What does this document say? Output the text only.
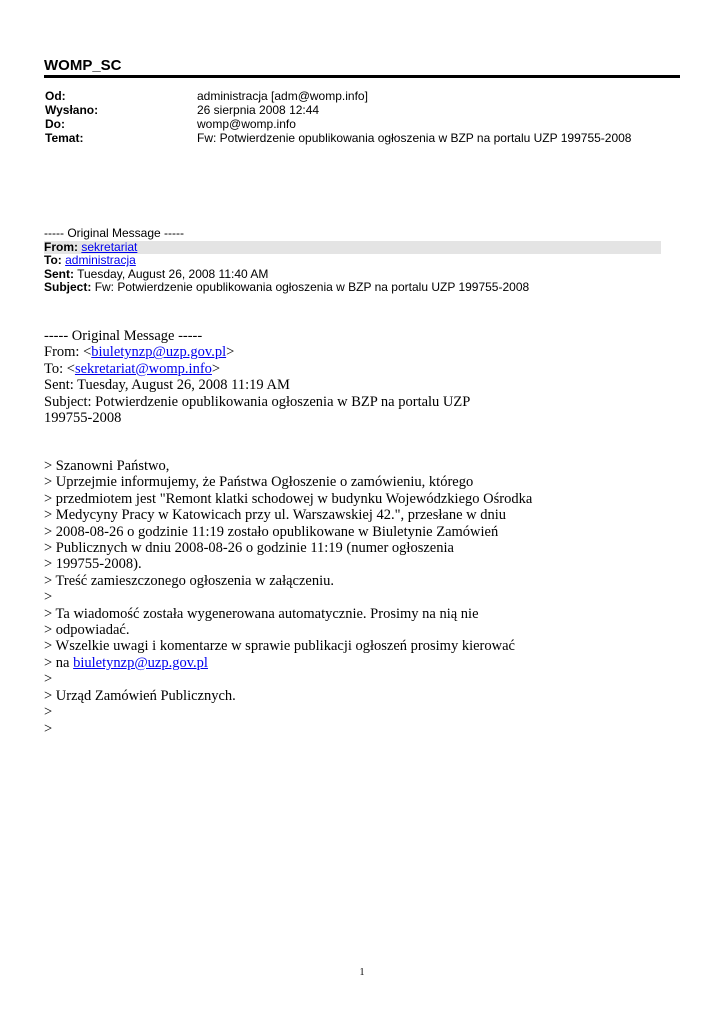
WOMP_SC
Od:	administracja [adm@womp.info]
Wysłano:	26 sierpnia 2008 12:44
Do:	womp@womp.info
Temat:	Fw: Potwierdzenie opublikowania ogłoszenia w BZP na portalu UZP 199755-2008
----- Original Message -----
From: sekretariat
To: administracja
Sent: Tuesday, August 26, 2008 11:40 AM
Subject: Fw: Potwierdzenie opublikowania ogłoszenia w BZP na portalu UZP 199755-2008
----- Original Message -----
From: <biuletynzp@uzp.gov.pl>
To: <sekretariat@womp.info>
Sent: Tuesday, August 26, 2008 11:19 AM
Subject: Potwierdzenie opublikowania ogłoszenia w BZP na portalu UZP
199755-2008
> Szanowni Państwo,
> Uprzejmie informujemy, że Państwa Ogłoszenie o zamówieniu, którego
> przedmiotem jest "Remont klatki schodowej w budynku Wojewódzkiego Ośrodka
> Medycyny Pracy w Katowicach przy ul. Warszawskiej 42.", przesłane w dniu
> 2008-08-26 o godzinie 11:19 zostało opublikowane w Biuletynie Zamówień
> Publicznych w dniu 2008-08-26 o godzinie 11:19 (numer ogłoszenia
> 199755-2008).
> Treść zamieszczonego ogłoszenia w załączeniu.
>
> Ta wiadomość została wygenerowana automatycznie. Prosimy na nią nie
> odpowiadać.
> Wszelkie uwagi i komentarze w sprawie publikacji ogłoszeń prosimy kierować
> na biuletynzp@uzp.gov.pl
>
> Urząd Zamówień Publicznych.
>
>
1
